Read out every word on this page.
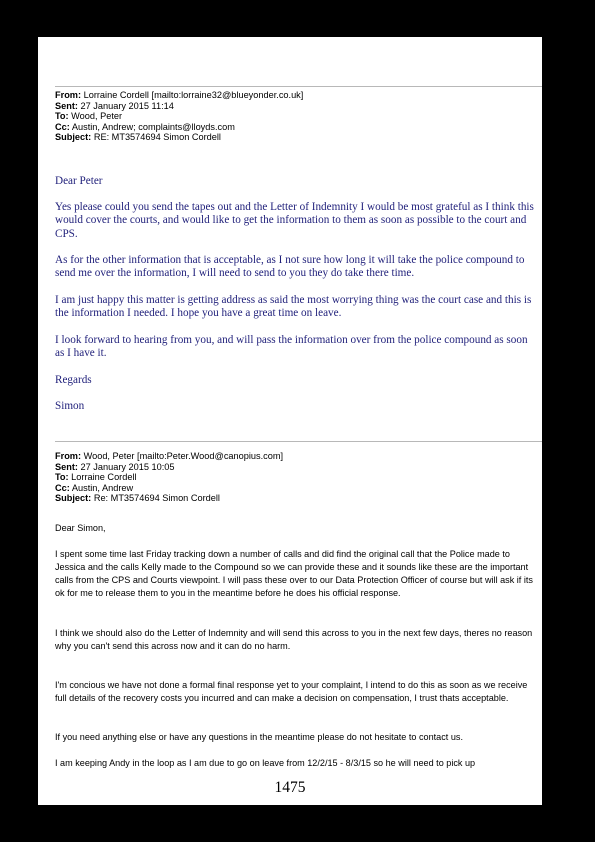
From: Lorraine Cordell [mailto:lorraine32@blueyonder.co.uk]
Sent: 27 January 2015 11:14
To: Wood, Peter
Cc: Austin, Andrew; complaints@lloyds.com
Subject: RE: MT3574694 Simon Cordell
Dear Peter
Yes please could you send the tapes out and the Letter of Indemnity I would be most grateful as I think this would cover the courts, and would like to get the information to them as soon as possible to the court and CPS.
As for the other information that is acceptable, as I not sure how long it will take the police compound to send me over the information, I will need to send to you they do take there time.
I am just happy this matter is getting address as said the most worrying thing was the court case and this is the information I needed. I hope you have a great time on leave.
I look forward to hearing from you, and will pass the information over from the police compound as soon as I have it.
Regards
Simon
From: Wood, Peter [mailto:Peter.Wood@canopius.com]
Sent: 27 January 2015 10:05
To: Lorraine Cordell
Cc: Austin, Andrew
Subject: Re: MT3574694 Simon Cordell
Dear Simon,
I spent some time last Friday tracking down a number of calls and did find the original call that the Police made to Jessica and the calls Kelly made to the Compound so we can provide these and it sounds like these are the important calls from the CPS and Courts viewpoint. I will pass these over to our Data Protection Officer of course but will ask if its ok for me to release them to you in the meantime before he does his official response.
I think we should also do the Letter of Indemnity and will send this across to you in the next few days, theres no reason why you can't send this across now and it can do no harm.
I'm concious we have not done a formal final response yet to your complaint, I intend to do this as soon as we receive full details of the recovery costs you incurred and can make a decision on compensation, I trust thats acceptable.
If you need anything else or have any questions in the meantime please do not hesitate to contact us.
I am keeping Andy in the loop as I am due to go on leave from 12/2/15 - 8/3/15 so he will need to pick up
1475
